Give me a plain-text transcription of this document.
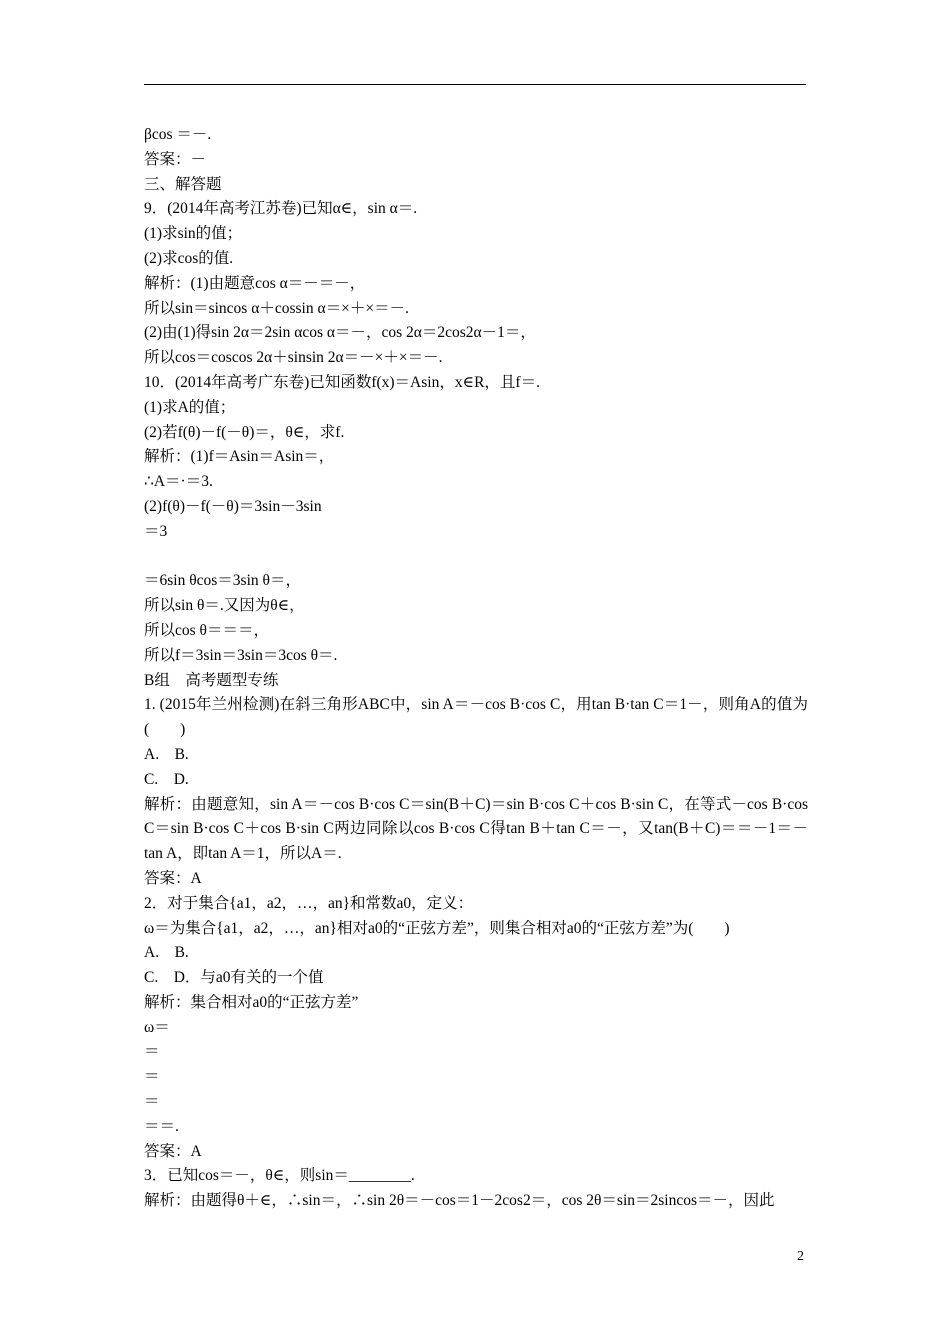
βcos ＝－.
答案：－
三、解答题
9．(2014年高考江苏卷)已知α∈，sin α＝.
(1)求sin的值；
(2)求cos的值.
解析：(1)由题意cos α＝－＝－，
所以sin＝sincos α＋cossin α＝×＋×＝－.
(2)由(1)得sin 2α＝2sin αcos α＝－，cos 2α＝2cos2α－1＝，
所以cos＝coscos 2α＋sinsin 2α＝－×＋×＝－.
10．(2014年高考广东卷)已知函数f(x)＝Asin，x∈R，且f＝.
(1)求A的值；
(2)若f(θ)－f(－θ)＝，θ∈，求f.
解析：(1)f＝Asin＝Asin＝，
∴A＝·＝3.
(2)f(θ)－f(－θ)＝3sin－3sin
＝3
＝6sin θcos＝3sin θ＝，
所以sin θ＝.又因为θ∈，
所以cos θ＝＝＝，
所以f＝3sin＝3sin＝3cos θ＝.
B组　高考题型专练
1. (2015年兰州检测)在斜三角形ABC中，sin A＝－cos B·cos C，用tan B·tan C＝1－，则角A的值为(　　)
A.　B.
C.　D.
解析：由题意知，sin A＝－cos B·cos C＝sin(B＋C)＝sin B·cos C＋cos B·sin C，在等式－cos B·cos C＝sin B·cos C＋cos B·sin C两边同除以cos B·cos C得tan B＋tan C＝－，又tan(B＋C)＝＝－1＝－tan A，即tan A＝1，所以A＝.
答案：A
2．对于集合{a1，a2，…，an}和常数a0，定义：
ω＝为集合{a1，a2，…，an}相对a0的“正弦方差”，则集合相对a0的“正弦方差”为(　　)
A.　B.
C.　D．与a0有关的一个值
解析：集合相对a0的“正弦方差”
ω＝
＝
＝
＝
＝＝.
答案：A
3．已知cos＝－，θ∈，则sin＝________.
解析：由题得θ＋∈，∴sin＝，∴sin 2θ＝－cos＝1－2cos2＝，cos 2θ＝sin＝2sincos＝－，因此
2
